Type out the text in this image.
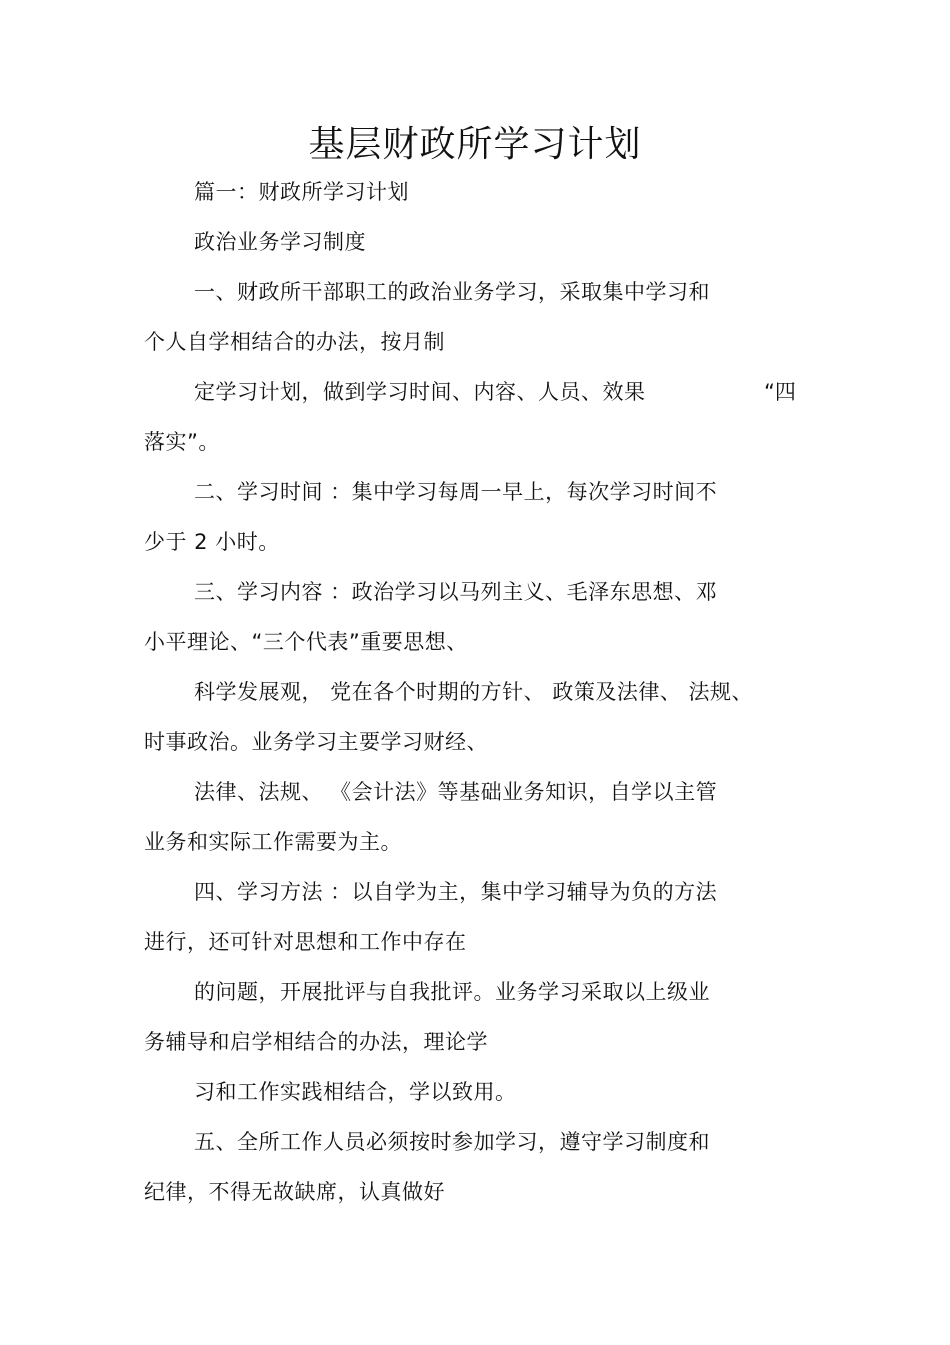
基层财政所学习计划
篇一：财政所学习计划
政治业务学习制度
一、财政所干部职工的政治业务学习，采取集中学习和
个人自学相结合的办法，按月制
定学习计划，做到学习时间、内容、人员、效果	“四
落实”。
二、学习时间 ：集中学习每周一早上，每次学习时间不
少于 2 小时。
三、学习内容 ：政治学习以马列主义、毛泽东思想、邓
小平理论、“三个代表”重要思想、
科学发展观， 党在各个时期的方针、 政策及法律、 法规、
时事政治。业务学习主要学习财经、
法律、法规、 《会计法》等基础业务知识，自学以主管
业务和实际工作需要为主。
四、学习方法 ：以自学为主，集中学习辅导为负的方法
进行，还可针对思想和工作中存在
的问题，开展批评与自我批评。业务学习采取以上级业
务辅导和启学相结合的办法，理论学
习和工作实践相结合，学以致用。
五、全所工作人员必须按时参加学习，遵守学习制度和
纪律，不得无故缺席，认真做好
